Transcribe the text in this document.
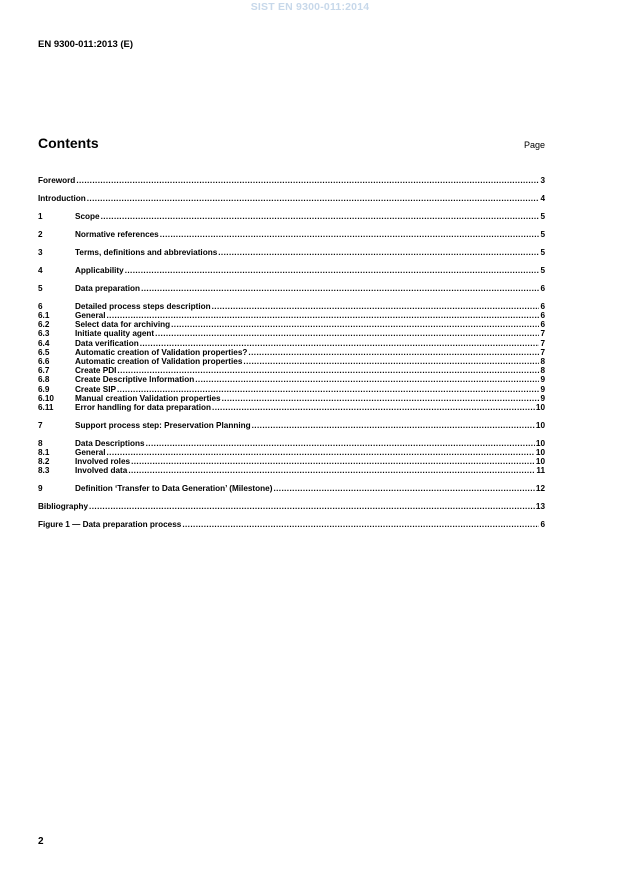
SIST EN 9300-011:2014
EN 9300-011:2013 (E)
Contents	Page
Foreword .....	3
Introduction .....	4
1	Scope .....	5
2	Normative references .....	5
3	Terms, definitions and abbreviations .....	5
4	Applicability .....	5
5	Data preparation .....	6
6	Detailed process steps description .....	6
6.1	General .....	6
6.2	Select data for archiving .....	6
6.3	Initiate quality agent .....	7
6.4	Data verification .....	7
6.5	Automatic creation of Validation properties? .....	7
6.6	Automatic creation of Validation properties .....	8
6.7	Create PDI .....	8
6.8	Create Descriptive Information .....	9
6.9	Create SIP .....	9
6.10	Manual creation Validation properties .....	9
6.11	Error handling for data preparation .....	10
7	Support process step: Preservation Planning .....	10
8	Data Descriptions .....	10
8.1	General .....	10
8.2	Involved roles .....	10
8.3	Involved data .....	11
9	Definition ‘Transfer to Data Generation’ (Milestone) .....	12
Bibliography .....	13
Figure 1 — Data preparation process .....	6
2
